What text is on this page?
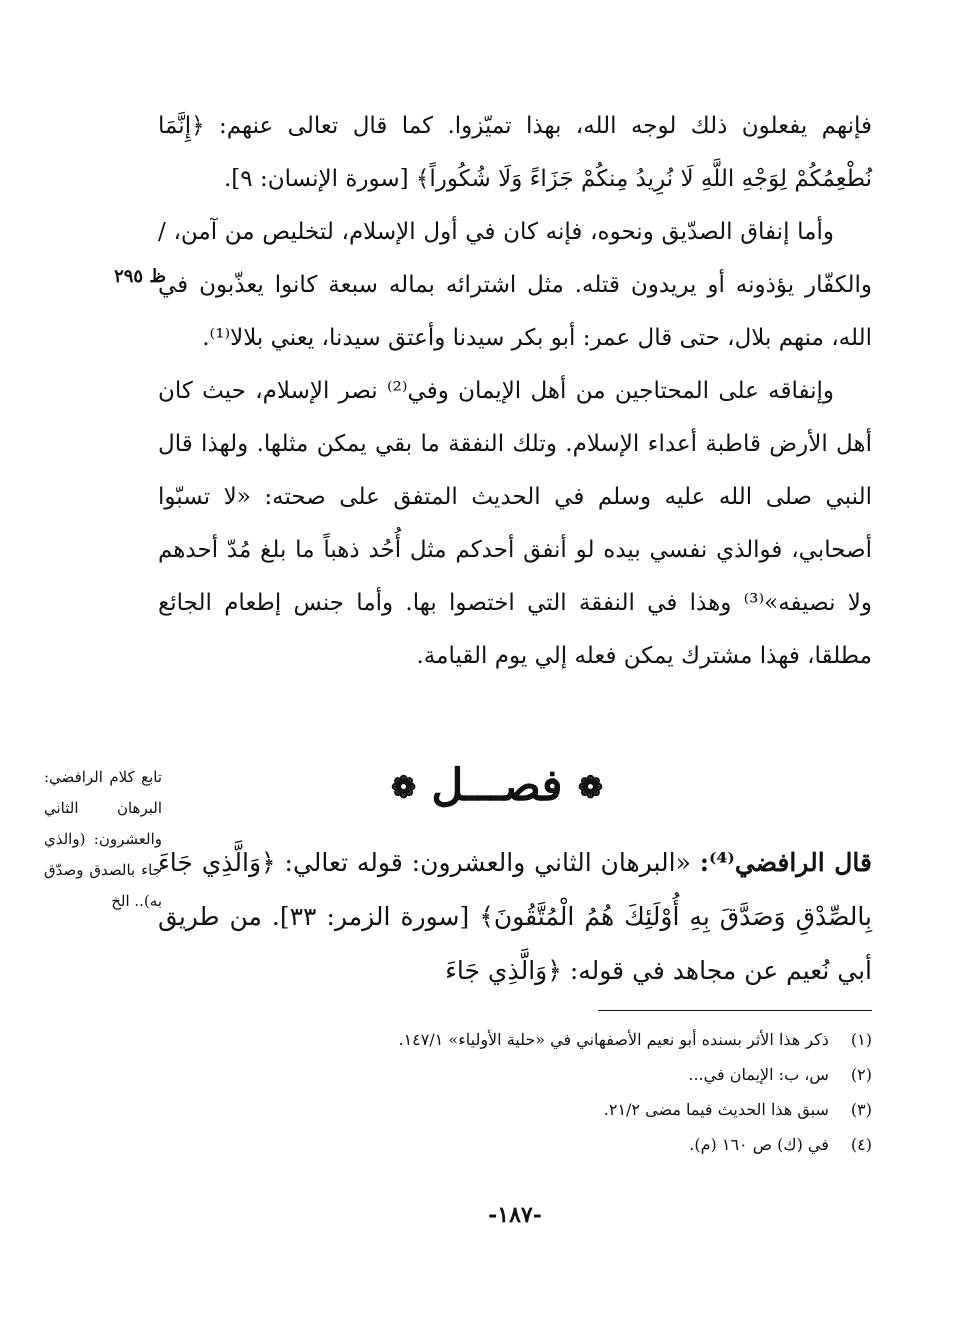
فإنهم يفعلون ذلك لوجه الله، بهذا تميّزوا. كما قال تعالى عنهم: ﴿إِنَّمَا نُطْعِمُكُمْ لِوَجْهِ اللَّهِ لَا نُرِيدُ مِنكُمْ جَزَاءً وَلَا شُكُوراً﴾ [سورة الإنسان: ٩].

وأما إنفاق الصدّيق ونحوه، فإنه كان في أول الإسلام، لتخليص من آمن، / والكفّار يؤذونه أو يريدون قتله. مثل اشترائه بماله سبعة كانوا يعذّبون في الله، منهم بلال، حتى قال عمر: أبو بكر سيدنا وأعتق سيدنا، يعني بلالا⁽¹⁾.

وإنفاقه على المحتاجين من أهل الإيمان وفي⁽²⁾ نصر الإسلام، حيث كان أهل الأرض قاطبة أعداء الإسلام. وتلك النفقة ما بقي يمكن مثلها. ولهذا قال النبي صلى الله عليه وسلم في الحديث المتفق على صحته: «لا تسبّوا أصحابي، فوالذي نفسي بيده لو أنفق أحدكم مثل أُحُد ذهباً ما بلغ مُدّ أحدهم ولا نصيفه»⁽³⁾ وهذا في النفقة التي اختصوا بها. وأما جنس إطعام الجائع مطلقا، فهذا مشترك يمكن فعله إلي يوم القيامة.

ظ ٢٩٥
❁ فصـــل ❁
تابع كلام الرافضي: البرهان الثاني والعشرون: (والذي جاء بالصدق وصدّق به).. الخ

قال الرافضي⁽⁴⁾: «البرهان الثاني والعشرون: قوله تعالي: ﴿وَالَّذِي جَاءَ بِالصِّدْقِ وَصَدَّقَ بِهِ أُوْلَئِكَ هُمُ الْمُتَّقُونَ﴾ [سورة الزمر: ٣٣]. من طريق أبي نُعيم عن مجاهد في قوله: ﴿وَالَّذِي جَاءَ

(١) ذكر هذا الأثر بسنده أبو نعيم الأصفهاني في «حلية الأولياء» ١٤٧/١.
(٢) س، ب: الإيمان في...
(٣) سبق هذا الحديث فيما مضى ٢١/٢.
(٤) في (ك) ص ١٦٠ (م).
-١٨٧-
